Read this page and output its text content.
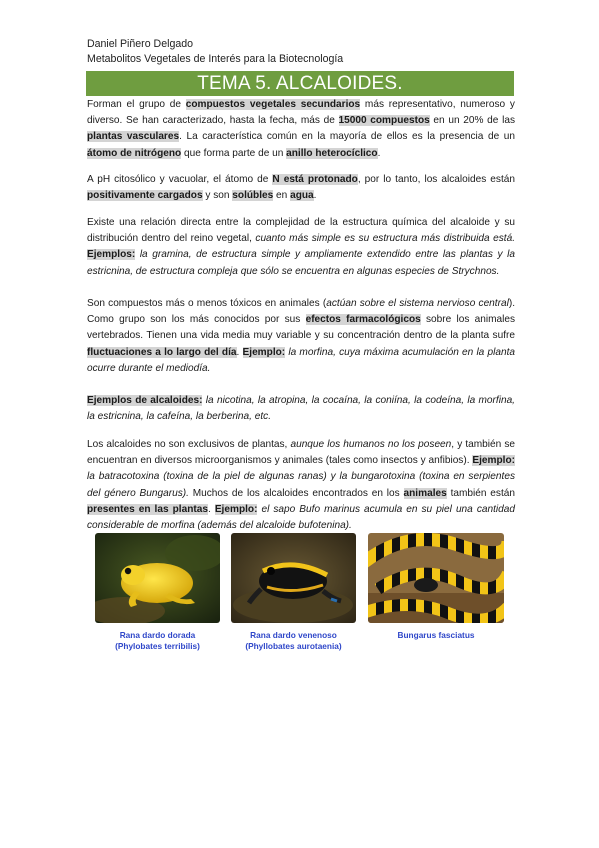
Daniel Piñero Delgado
Metabolitos Vegetales de Interés para la Biotecnología
TEMA 5. ALCALOIDES.

Forman el grupo de compuestos vegetales secundarios más representativo, numeroso y diverso. Se han caracterizado, hasta la fecha, más de 15000 compuestos en un 20% de las plantas vasculares. La característica común en la mayoría de ellos es la presencia de un átomo de nitrógeno que forma parte de un anillo heterocíclico.

A pH citosólico y vacuolar, el átomo de N está protonado, por lo tanto, los alcaloides están positivamente cargados y son solúbles en agua.

Existe una relación directa entre la complejidad de la estructura química del alcaloide y su distribución dentro del reino vegetal, cuanto más simple es su estructura más distribuida está. Ejemplos: la gramina, de estructura simple y ampliamente extendido entre las plantas y la estricnina, de estructura compleja que sólo se encuentra en algunas especies de Strychnos.

Son compuestos más o menos tóxicos en animales (actúan sobre el sistema nervioso central). Como grupo son los más conocidos por sus efectos farmacológicos sobre los animales vertebrados. Tienen una vida media muy variable y su concentración dentro de la planta sufre fluctuaciones a lo largo del día. Ejemplo: la morfina, cuya máxima acumulación en la planta ocurre durante el mediodía.

Ejemplos de alcaloides: la nicotina, la atropina, la cocaína, la coniína, la codeína, la morfina, la estricnina, la cafeína, la berberina, etc.

Los alcaloides no son exclusivos de plantas, aunque los humanos no los poseen, y también se encuentran en diversos microorganismos y animales (tales como insectos y anfibios). Ejemplo: la batracotoxina (toxina de la piel de algunas ranas) y la bungarotoxina (toxina en serpientes del género Bungarus). Muchos de los alcaloides encontrados en los animales también están presentes en las plantas. Ejemplo: el sapo Bufo marinus acumula en su piel una cantidad considerable de morfina (además del alcaloide bufotenina).

Rana dardo dorada
(Phylobates terribilis)
Rana dardo venenoso
(Phyllobates aurotaenia)
Bungarus fasciatus
